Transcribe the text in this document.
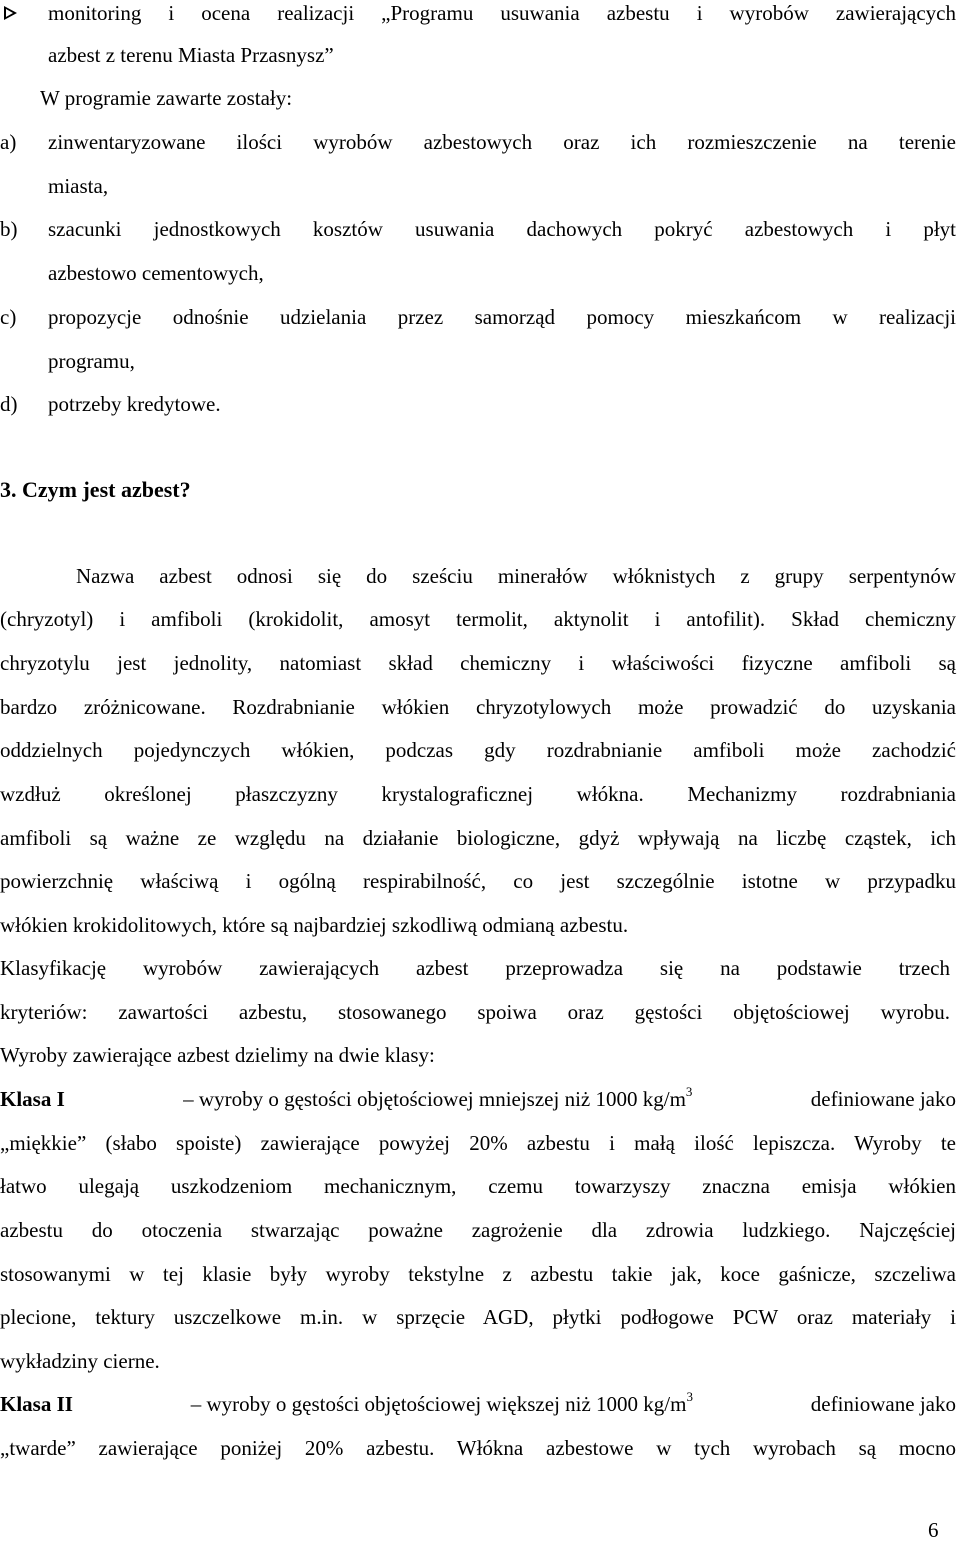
monitoring i ocena realizacji „Programu usuwania azbestu i wyrobów zawierających
azbest z terenu Miasta Przasnysz”
W programie zawarte zostały:
a)	zinwentaryzowane ilości wyrobów azbestowych oraz ich rozmieszczenie na terenie
miasta,
b)	szacunki jednostkowych kosztów usuwania dachowych pokryć azbestowych i płyt
azbestowo cementowych,
c)	propozycje odnośnie udzielania przez samorząd pomocy mieszkańcom w realizacji
programu,
d)	potrzeby kredytowe.
3. Czym jest azbest?
Nazwa azbest odnosi się do sześciu minerałów włóknistych z grupy serpentynów
(chryzotyl) i amfiboli (krokidolit, amosyt termolit, aktynolit i antofilit). Skład chemiczny
chryzotylu jest jednolity, natomiast skład chemiczny i właściwości fizyczne amfiboli są
bardzo zróżnicowane. Rozdrabnianie włókien chryzotylowych może prowadzić do uzyskania
oddzielnych pojedynczych włókien, podczas gdy rozdrabnianie amfiboli może zachodzić
wzdłuż określonej płaszczyzny krystalograficznej włókna. Mechanizmy rozdrabniania
amfiboli są ważne ze względu na działanie biologiczne, gdyż wpływają na liczbę cząstek, ich
powierzchnię właściwą i ogólną respirabilność, co jest szczególnie istotne w przypadku
włókien krokidolitowych, które są najbardziej szkodliwą odmianą azbestu.
Klasyfikację wyrobów zawierających azbest przeprowadza się na podstawie trzech
kryteriów: zawartości azbestu, stosowanego spoiwa oraz gęstości objętościowej wyrobu.
Wyroby zawierające azbest dzielimy na dwie klasy:
Klasa I	– wyroby o gęstości objętościowej mniejszej niż 1000 $kg/m^3$	definiowane jako
„miękkie” (słabo spoiste) zawierające powyżej 20% azbestu i małą ilość lepiszcza. Wyroby te
łatwo ulegają uszkodzeniom mechanicznym, czemu towarzyszy znaczna emisja włókien
azbestu do otoczenia stwarzając poważne zagrożenie dla zdrowia ludzkiego. Najczęściej
stosowanymi w tej klasie były wyroby tekstylne z azbestu takie jak, koce gaśnicze, szczeliwa
plecione, tektury uszczelkowe m.in. w sprzęcie AGD, płytki podłogowe PCW oraz materiały i
wykładziny cierne.
Klasa II	– wyroby o gęstości objętościowej większej niż 1000 $kg/m^3$	definiowane jako
„twarde” zawierające poniżej 20% azbestu. Włókna azbestowe w tych wyrobach są mocno
6
